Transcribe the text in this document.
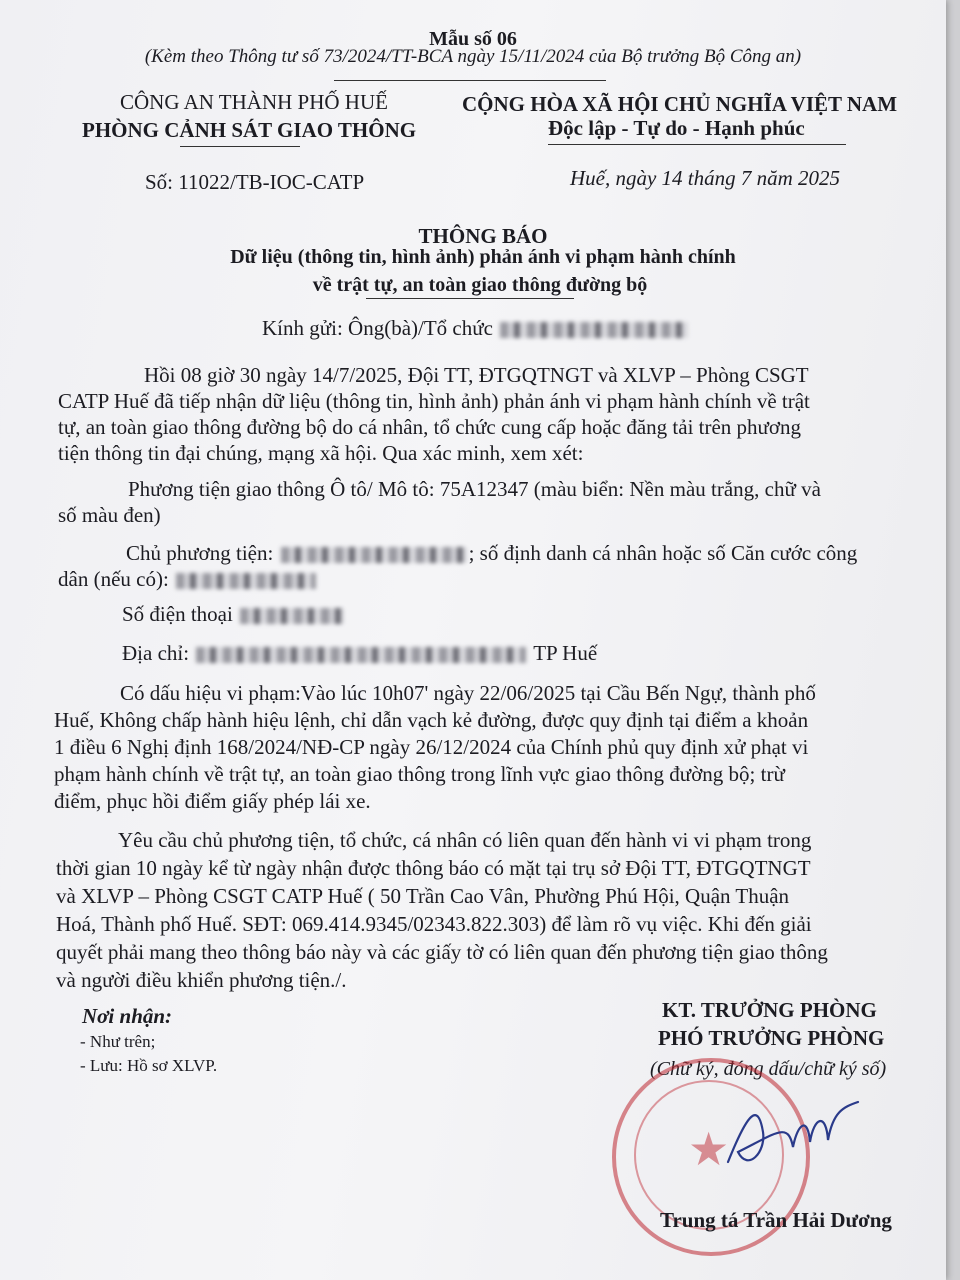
Mẫu số 06
(Kèm theo Thông tư số 73/2024/TT-BCA ngày 15/11/2024 của Bộ trưởng Bộ Công an)
CÔNG AN THÀNH PHỐ HUẾ
PHÒNG CẢNH SÁT GIAO THÔNG
CỘNG HÒA XÃ HỘI CHỦ NGHĨA VIỆT NAM
Độc lập - Tự do - Hạnh phúc
Số: 11022/TB-IOC-CATP	Huế, ngày 14 tháng 7 năm 2025
THÔNG BÁO
Dữ liệu (thông tin, hình ảnh) phản ánh vi phạm hành chính
về trật tự, an toàn giao thông đường bộ
Kính gửi: Ông(bà)/Tổ chức
Hồi 08 giờ 30 ngày 14/7/2025, Đội TT, ĐTGQTNGT và XLVP – Phòng CSGT
CATP Huế đã tiếp nhận dữ liệu (thông tin, hình ảnh) phản ánh vi phạm hành chính về trật
tự, an toàn giao thông đường bộ do cá nhân, tổ chức cung cấp hoặc đăng tải trên phương
tiện thông tin đại chúng, mạng xã hội. Qua xác minh, xem xét:
Phương tiện giao thông Ô tô/ Mô tô: 75A12347 (màu biển: Nền màu trắng, chữ và
số màu đen)
Chủ phương tiện:	; số định danh cá nhân hoặc số Căn cước công
dân (nếu có):
Số điện thoại
Địa chỉ:	TP Huế
Có dấu hiệu vi phạm:Vào lúc 10h07' ngày 22/06/2025 tại Cầu Bến Ngự, thành phố
Huế, Không chấp hành hiệu lệnh, chỉ dẫn vạch kẻ đường, được quy định tại điểm a khoản
1 điều 6 Nghị định 168/2024/NĐ-CP ngày 26/12/2024 của Chính phủ quy định xử phạt vi
phạm hành chính về trật tự, an toàn giao thông trong lĩnh vực giao thông đường bộ; trừ
điểm, phục hồi điểm giấy phép lái xe.
Yêu cầu chủ phương tiện, tổ chức, cá nhân có liên quan đến hành vi vi phạm trong
thời gian 10 ngày kể từ ngày nhận được thông báo có mặt tại trụ sở Đội TT, ĐTGQTNGT
và XLVP – Phòng CSGT CATP Huế ( 50 Trần Cao Vân, Phường Phú Hội, Quận Thuận
Hoá, Thành phố Huế. SĐT: 069.414.9345/02343.822.303) để làm rõ vụ việc. Khi đến giải
quyết phải mang theo thông báo này và các giấy tờ có liên quan đến phương tiện giao thông
và người điều khiển phương tiện./.
Nơi nhận:
- Như trên;
- Lưu: Hồ sơ XLVP.
KT. TRƯỞNG PHÒNG
PHÓ TRƯỞNG PHÒNG
(Chữ ký, đóng dấu/chữ ký số)
★
Trung tá Trần Hải Dương
